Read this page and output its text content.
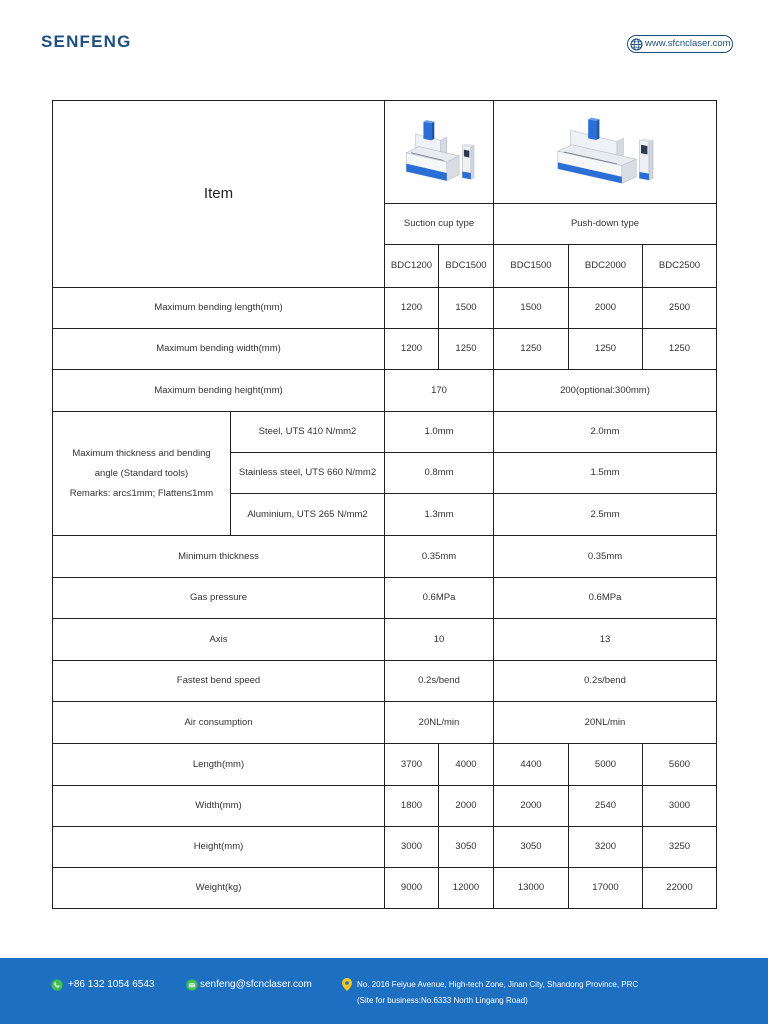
SENFENG	www.sfcnclaser.com
Item
Suction cup type	Push-down type
BDC1200	BDC1500	BDC1500	BDC2000	BDC2500
Maximum bending length(mm)	1200	1500	1500	2000	2500
Maximum bending width(mm)	1200	1250	1250	1250	1250
Maximum bending height(mm)	170	200(optional:300mm)
Maximum thickness and bending angle (Standard tools)
Remarks: arc≤1mm; Flatten≤1mm
Steel, UTS 410 N/mm2	1.0mm	2.0mm
Stainless steel, UTS 660 N/mm2	0.8mm	1.5mm
Aluminium, UTS 265 N/mm2	1.3mm	2.5mm
Minimum thickness	0.35mm	0.35mm
Gas pressure	0.6MPa	0.6MPa
Axis	10	13
Fastest bend speed	0.2s/bend	0.2s/bend
Air consumption	20NL/min	20NL/min
Length(mm)	3700	4000	4400	5000	5600
Width(mm)	1800	2000	2000	2540	3000
Height(mm)	3000	3050	3050	3200	3250
Weight(kg)	9000	12000	13000	17000	22000
+86 132 1054 6543	senfeng@sfcnclaser.com	No. 2016 Feiyue Avenue, High-tech Zone, Jinan City, Shandong Province, PRC
(Site for business:No.6333 North Lingang Road)
